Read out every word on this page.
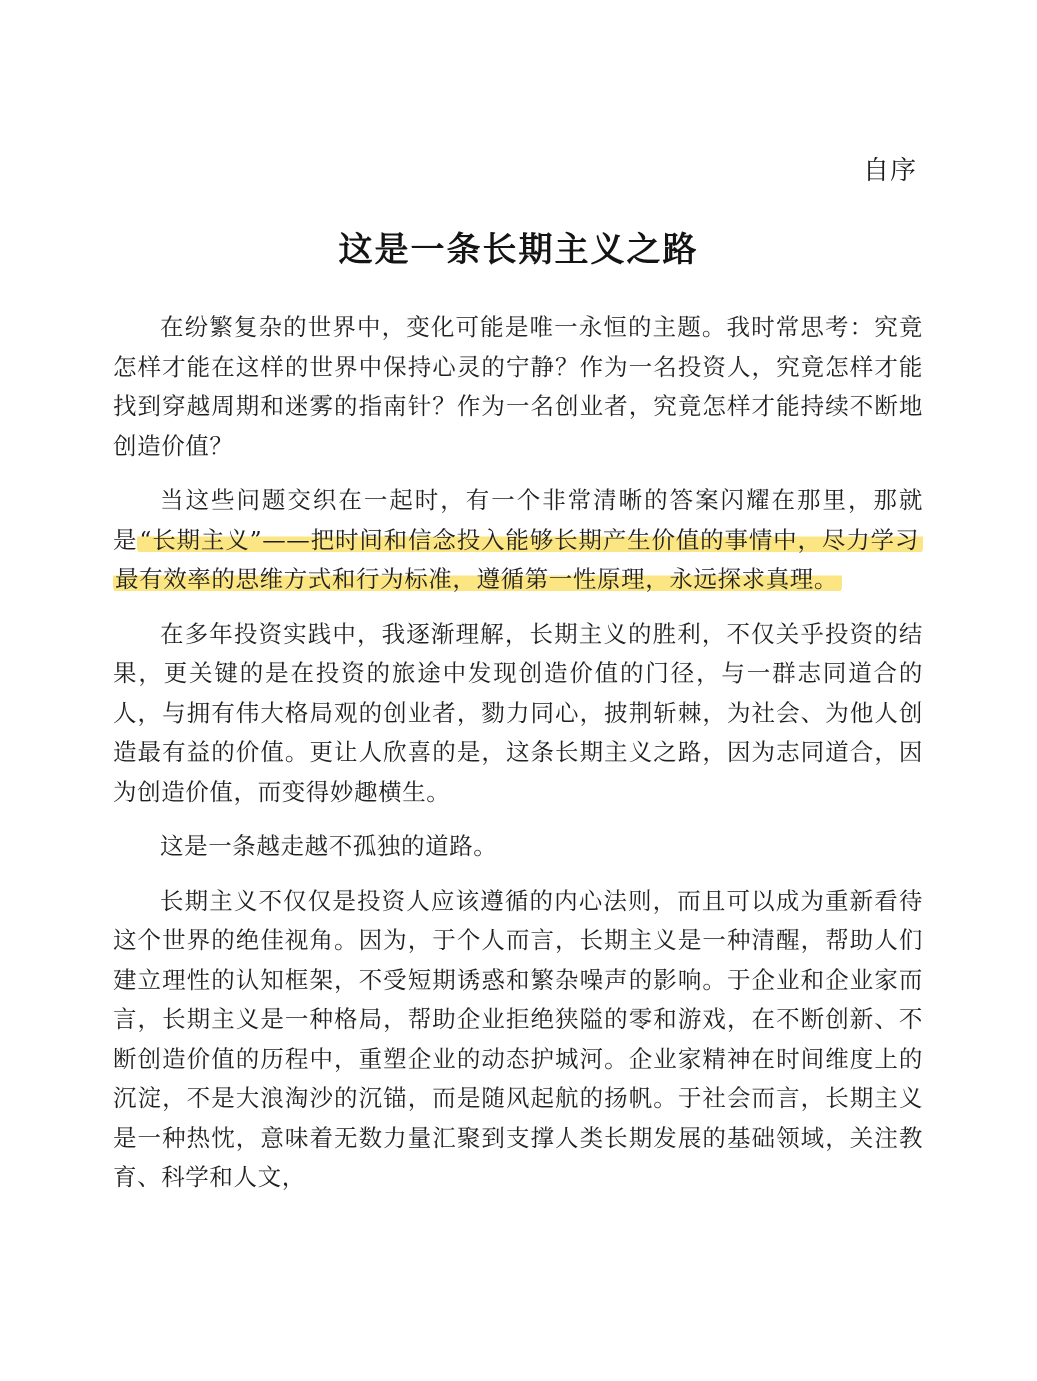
自序
这是一条长期主义之路

在纷繁复杂的世界中，变化可能是唯一永恒的主题。我时常思考：究竟怎样才能在这样的世界中保持心灵的宁静？作为一名投资人，究竟怎样才能找到穿越周期和迷雾的指南针？作为一名创业者，究竟怎样才能持续不断地创造价值？

当这些问题交织在一起时，有一个非常清晰的答案闪耀在那里，那就是“长期主义”——把时间和信念投入能够长期产生价值的事情中，尽力学习最有效率的思维方式和行为标准，遵循第一性原理，永远探求真理。

在多年投资实践中，我逐渐理解，长期主义的胜利，不仅关乎投资的结果，更关键的是在投资的旅途中发现创造价值的门径，与一群志同道合的人，与拥有伟大格局观的创业者，勠力同心，披荆斩棘，为社会、为他人创造最有益的价值。更让人欣喜的是，这条长期主义之路，因为志同道合，因为创造价值，而变得妙趣横生。

这是一条越走越不孤独的道路。

长期主义不仅仅是投资人应该遵循的内心法则，而且可以成为重新看待这个世界的绝佳视角。因为，于个人而言，长期主义是一种清醒，帮助人们建立理性的认知框架，不受短期诱惑和繁杂噪声的影响。于企业和企业家而言，长期主义是一种格局，帮助企业拒绝狭隘的零和游戏，在不断创新、不断创造价值的历程中，重塑企业的动态护城河。企业家精神在时间维度上的沉淀，不是大浪淘沙的沉锚，而是随风起航的扬帆。于社会而言，长期主义是一种热忱，意味着无数力量汇聚到支撑人类长期发展的基础领域，关注教育、科学和人文，
